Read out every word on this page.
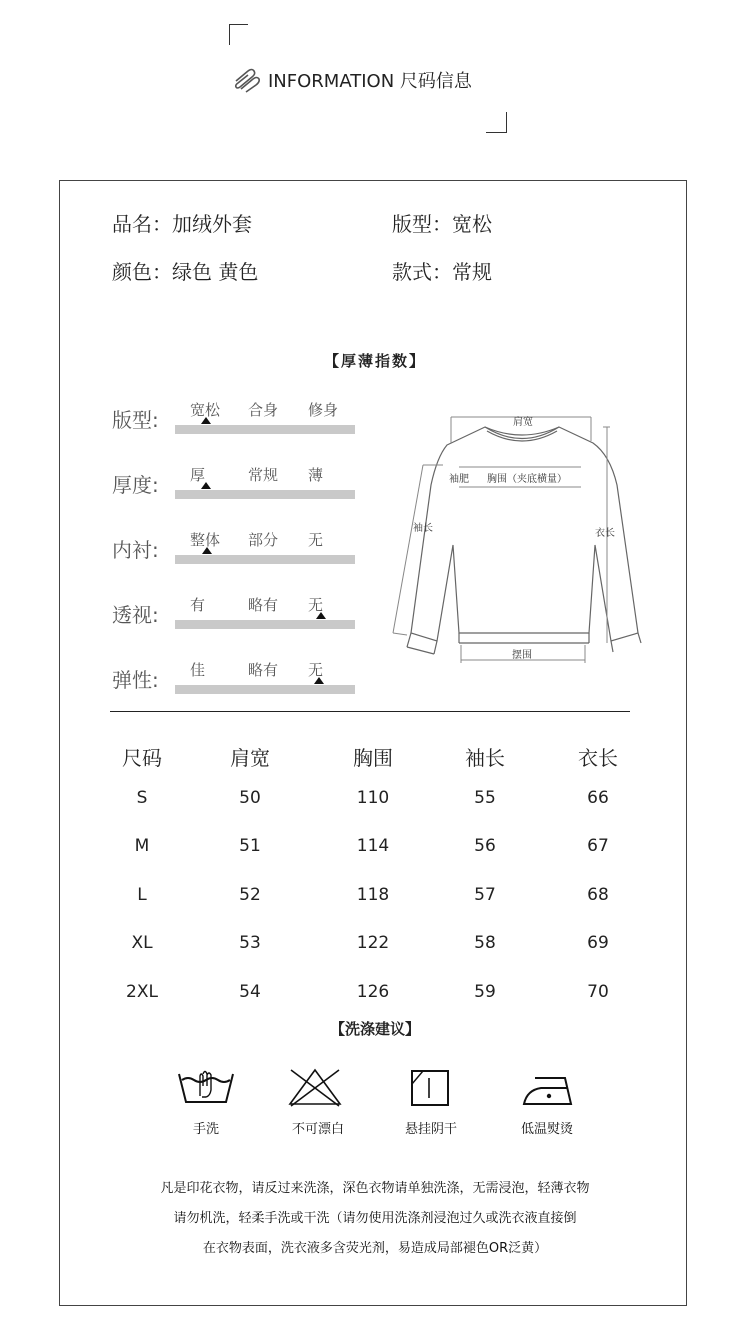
INFORMATION 尺码信息
品名：加绒外套	版型：宽松
颜色：绿色 黄色	款式：常规
【厚薄指数】
版型: 宽松 合身 修身
厚度: 厚	常规 薄
内衬: 整体 部分 无
透视: 有	略有 无
弹性: 佳	略有 无
肩宽
袖肥 胸围（夹底横量）
袖长	衣长
摆围
尺码	肩宽	胸围	袖长	衣长
S	50	110	55	66
M	51	114	56	67
L	52	118	57	68
XL	53	122	58	69
2XL	54	126	59	70
【洗涤建议】
手洗	不可漂白	悬挂阴干	低温熨烫
凡是印花衣物，请反过来洗涤，深色衣物请单独洗涤，无需浸泡，轻薄衣物
请勿机洗，轻柔手洗或干洗（请勿使用洗涤剂浸泡过久或洗衣液直接倒
在衣物表面，洗衣液多含荧光剂，易造成局部褪色OR泛黄）
